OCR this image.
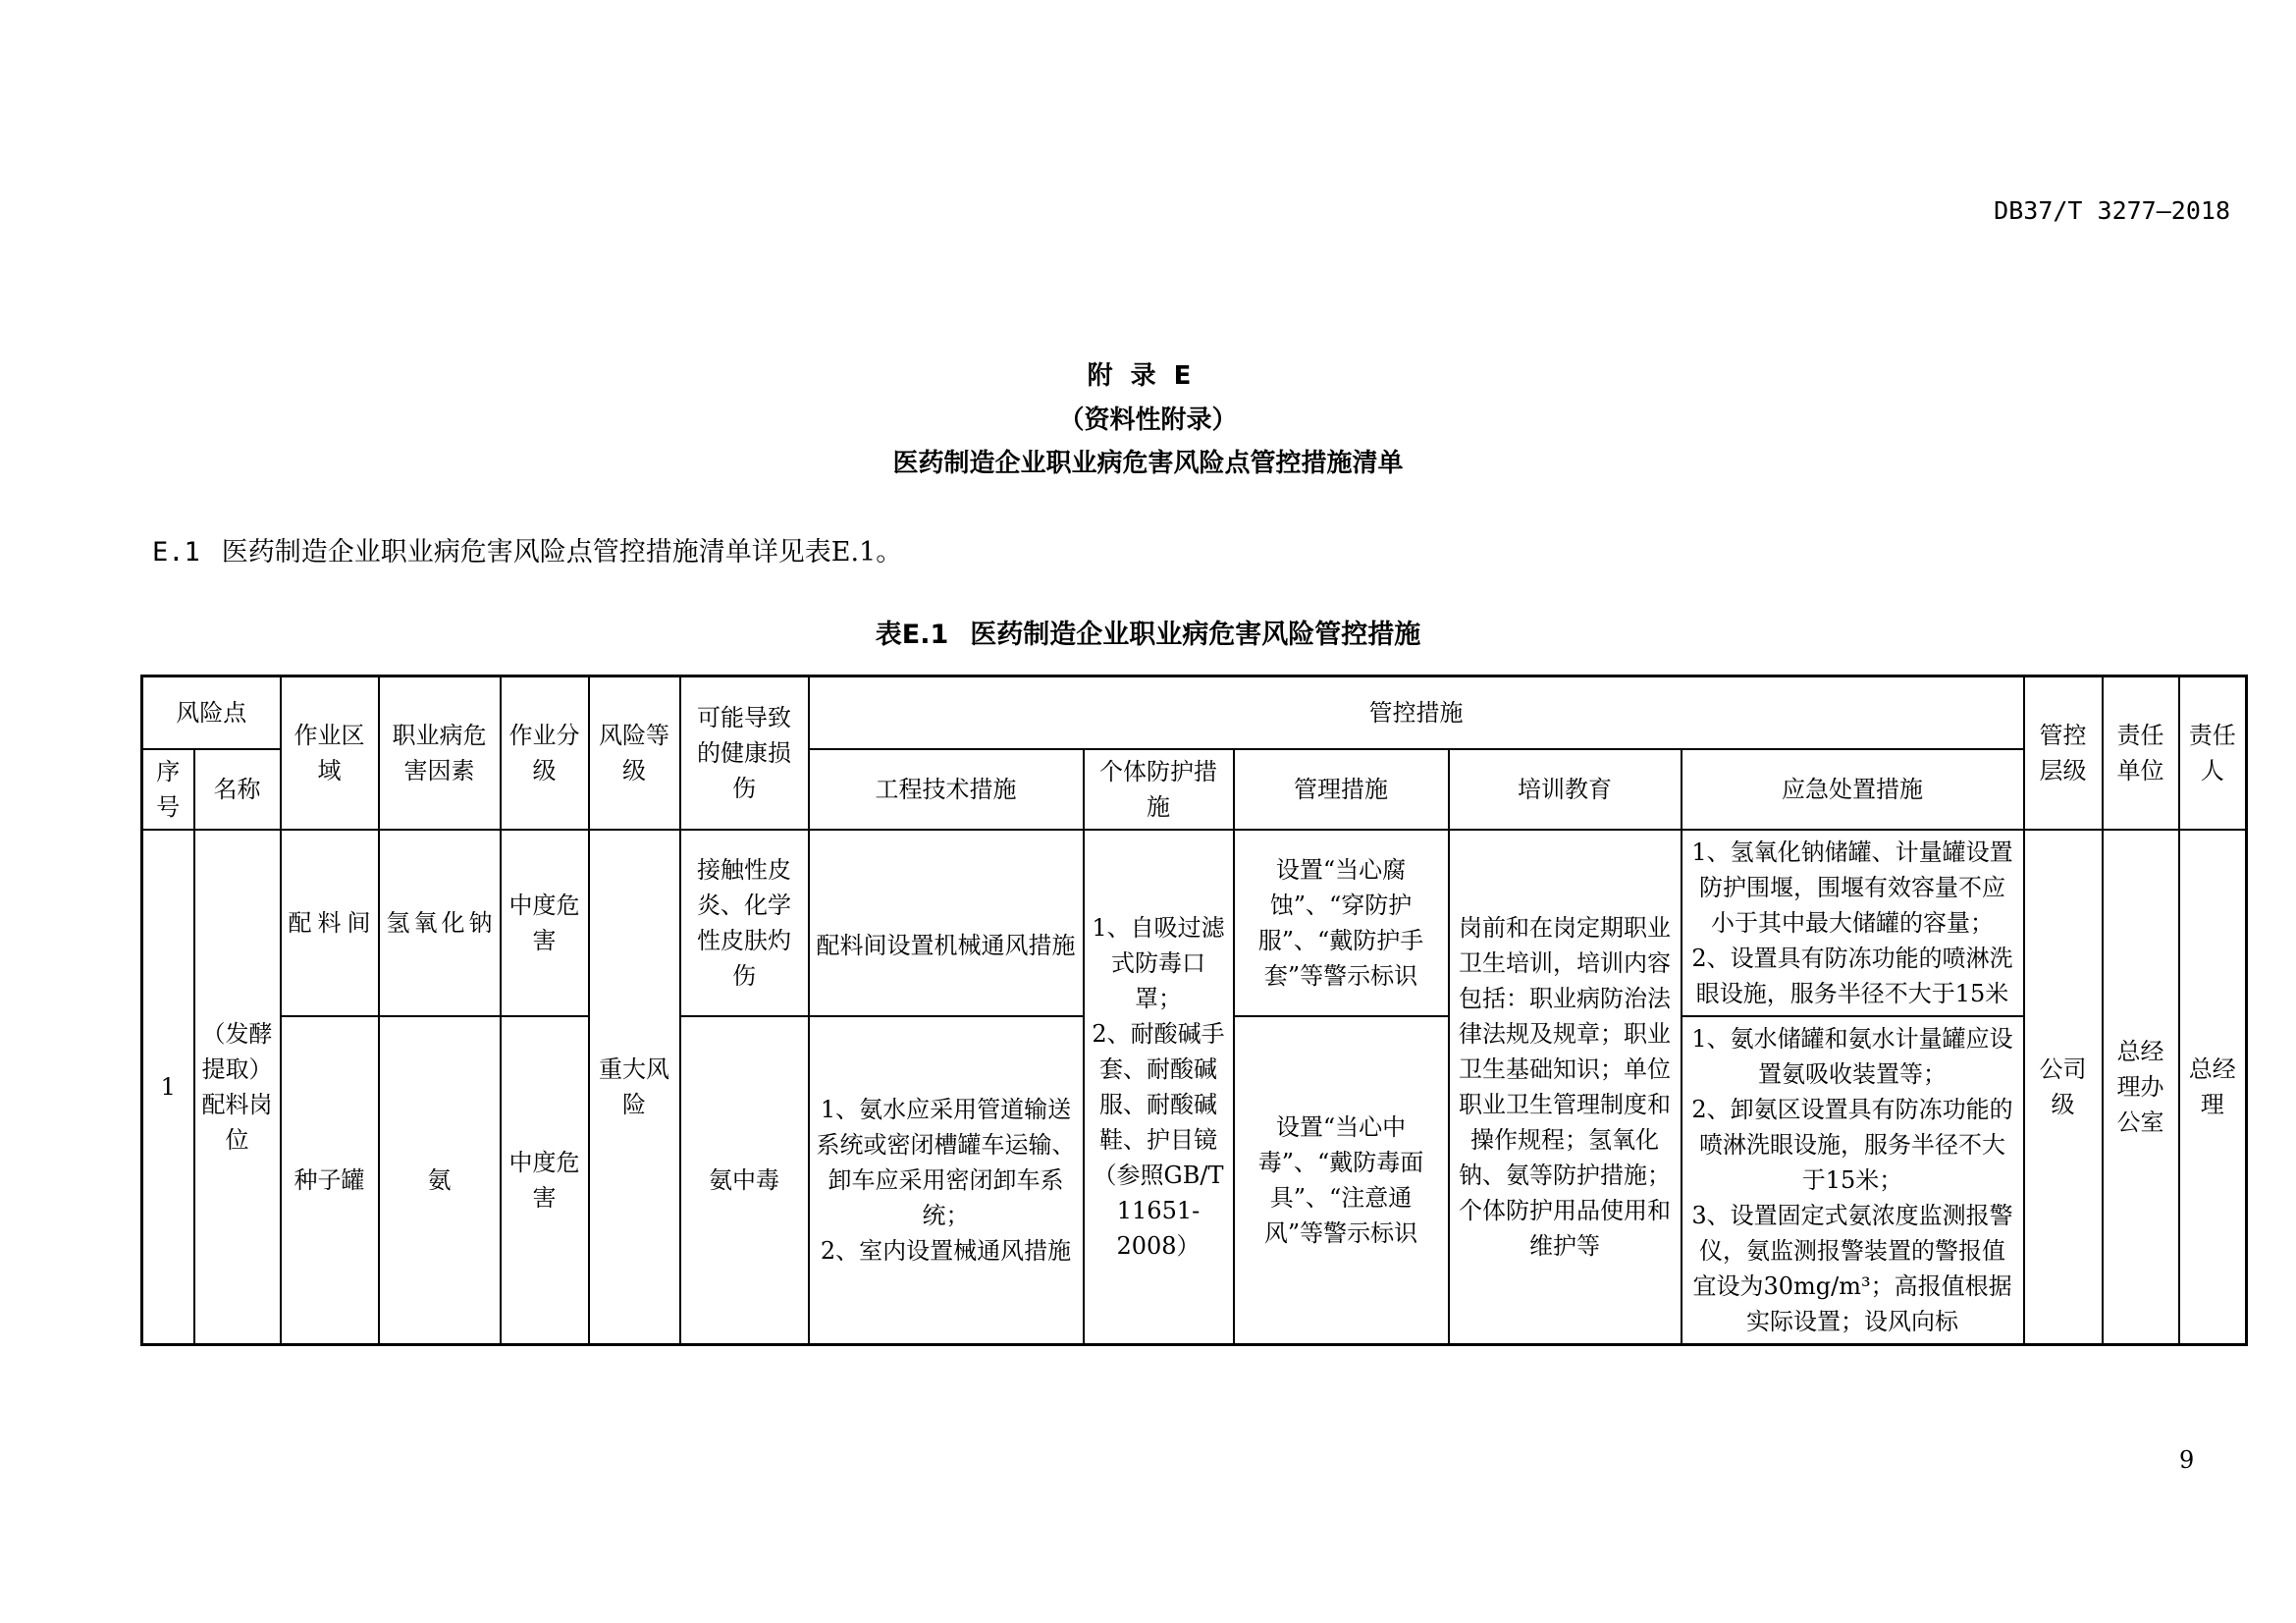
DB37/T 3277—2018
附录E
（资料性附录）
医药制造企业职业病危害风险点管控措施清单
E.1 医药制造企业职业病危害风险点管控措施清单详见表E.1。
表E.1 医药制造企业职业病危害风险管控措施
风险点		作业区域	职业病危害因素	作业分级	风险等级	可能导致的健康损伤	管控措施					管控层级	责任单位	责任人
序号	名称						工程技术措施	个体防护措施	管理措施	培训教育	应急处置措施			
1	（发酵提取）配料岗位	配料间	氢氧化钠	中度危害	重大风险	接触性皮炎、化学性皮肤灼伤	配料间设置机械通风措施	1、自吸过滤式防毒口罩；
2、耐酸碱手套、耐酸碱服、耐酸碱鞋、护目镜（参照GB/T 11651-2008）	设置“当心腐蚀”、“穿防护服”、“戴防护手套”等警示标识	岗前和在岗定期职业卫生培训，培训内容包括：职业病防治法律法规及规章；职业卫生基础知识；单位职业卫生管理制度和操作规程；氢氧化钠、氨等防护措施；个体防护用品使用和维护等	1、氢氧化钠储罐、计量罐设置防护围堰，围堰有效容量不应小于其中最大储罐的容量；
2、设置具有防冻功能的喷淋洗眼设施，服务半径不大于15米	公司级	总经理办公室	总经理
		种子罐	氨	中度危害		氨中毒	1、氨水应采用管道输送系统或密闭槽罐车运输、卸车应采用密闭卸车系统；
2、室内设置械通风措施		设置“当心中毒”、“戴防毒面具”、“注意通风”等警示标识		1、氨水储罐和氨水计量罐应设置氨吸收装置等；
2、卸氨区设置具有防冻功能的喷淋洗眼设施，服务半径不大于15米；
3、设置固定式氨浓度监测报警仪，氨监测报警装置的警报值宜设为30mg/m³；高报值根据实际设置；设风向标			
9
